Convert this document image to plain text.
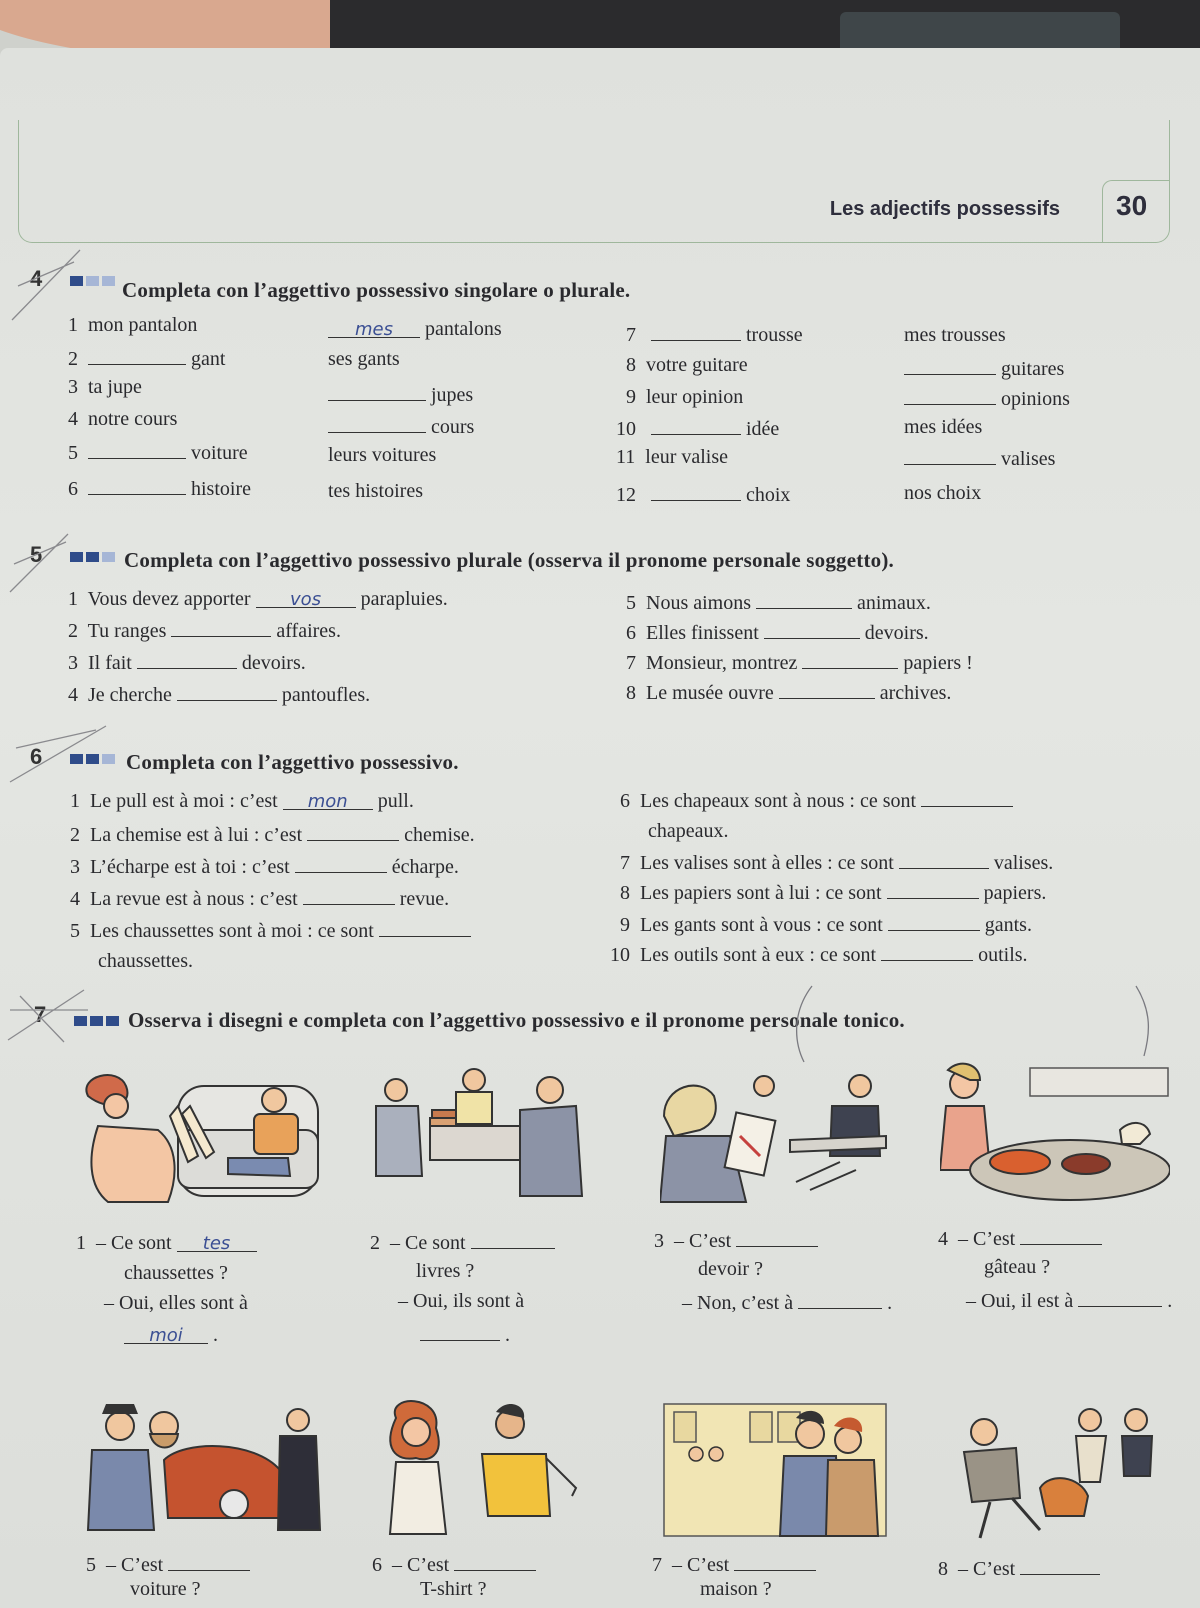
Les adjectifs possessifs 30
4	Completa con l’aggettivo possessivo singolare o plurale.
1 mon pantalon	mes pantalons
2	gant	ses gants
3 ta jupe	jupes
4 notre cours	cours
5	voiture	leurs voitures
6	histoire	tes histoires
7	trousse	mes trousses
8 votre guitare	guitares
9 leur opinion	opinions
10	idée	mes idées
11 leur valise	valises
12	choix	nos choix
5	Completa con l’aggettivo possessivo plurale (osserva il pronome personale soggetto).
1 Vous devez apporter vos parapluies.
2 Tu ranges	affaires.
3 Il fait	devoirs.
4 Je cherche	pantoufles.
5 Nous aimons	animaux.
6 Elles finissent	devoirs.
7 Monsieur, montrez	papiers !
8 Le musée ouvre	archives.
6	Completa con l’aggettivo possessivo.
1 Le pull est à moi : c’est mon pull.
2 La chemise est à lui : c’est	chemise.
3 L’écharpe est à toi : c’est	écharpe.
4 La revue est à nous : c’est	revue.
5 Les chaussettes sont à moi : ce sont
chaussettes.
6 Les chapeaux sont à nous : ce sont
chapeaux.
7 Les valises sont à elles : ce sont	valises.
8 Les papiers sont à lui : ce sont	papiers.
9 Les gants sont à vous : ce sont	gants.
10 Les outils sont à eux : ce sont	outils.
7	Osserva i disegni e completa con l’aggettivo possessivo e il pronome personale tonico.
1 – Ce sont tes
chaussettes ?
– Oui, elles sont à
moi .
2 – Ce sont
livres ?
– Oui, ils sont à
.
3 – C’est
devoir ?
– Non, c’est à	.
4 – C’est
gâteau ?
– Oui, il est à	.
5 – C’est
voiture ?
6 – C’est
T-shirt ?
7 – C’est
maison ?
8 – C’est
